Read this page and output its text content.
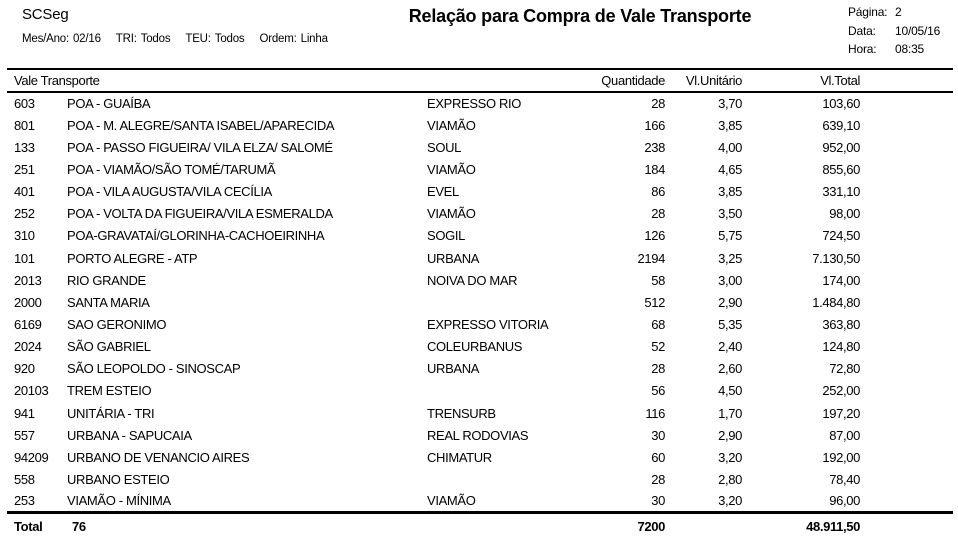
SCSeg
Mes/Ano: 02/16 TRI: Todos TEU: Todos Ordem: Linha
Relação para Compra de Vale Transporte	Página: 2
Data: 10/05/16
Hora: 08:35
Vale Transporte			Quantidade	Vl.Unitário	Vl.Total	
603	POA - GUAÍBA	EXPRESSO RIO	28	3,70	103,60	
801	POA - M. ALEGRE/SANTA ISABEL/APARECIDA	VIAMÃO	166	3,85	639,10	
133	POA - PASSO FIGUEIRA/ VILA ELZA/ SALOMÉ	SOUL	238	4,00	952,00	
251	POA - VIAMÃO/SÃO TOMÉ/TARUMÃ	VIAMÃO	184	4,65	855,60	
401	POA - VILA AUGUSTA/VILA CECÍLIA	EVEL	86	3,85	331,10	
252	POA - VOLTA DA FIGUEIRA/VILA ESMERALDA	VIAMÃO	28	3,50	98,00	
310	POA-GRAVATAÍ/GLORINHA-CACHOEIRINHA	SOGIL	126	5,75	724,50	
101	PORTO ALEGRE - ATP	URBANA	2194	3,25	7.130,50	
2013	RIO GRANDE	NOIVA DO MAR	58	3,00	174,00	
2000	SANTA MARIA		512	2,90	1.484,80	
6169	SAO GERONIMO	EXPRESSO VITORIA	68	5,35	363,80	
2024	SÃO GABRIEL	COLEURBANUS	52	2,40	124,80	
920	SÃO LEOPOLDO - SINOSCAP	URBANA	28	2,60	72,80	
20103	TREM ESTEIO		56	4,50	252,00	
941	UNITÁRIA - TRI	TRENSURB	116	1,70	197,20	
557	URBANA - SAPUCAIA	REAL RODOVIAS	30	2,90	87,00	
94209	URBANO DE VENANCIO AIRES	CHIMATUR	60	3,20	192,00	
558	URBANO ESTEIO		28	2,80	78,40	
253	VIAMÃO - MÍNIMA	VIAMÃO	30	3,20	96,00	
Total	76		7200		48.911,50	
